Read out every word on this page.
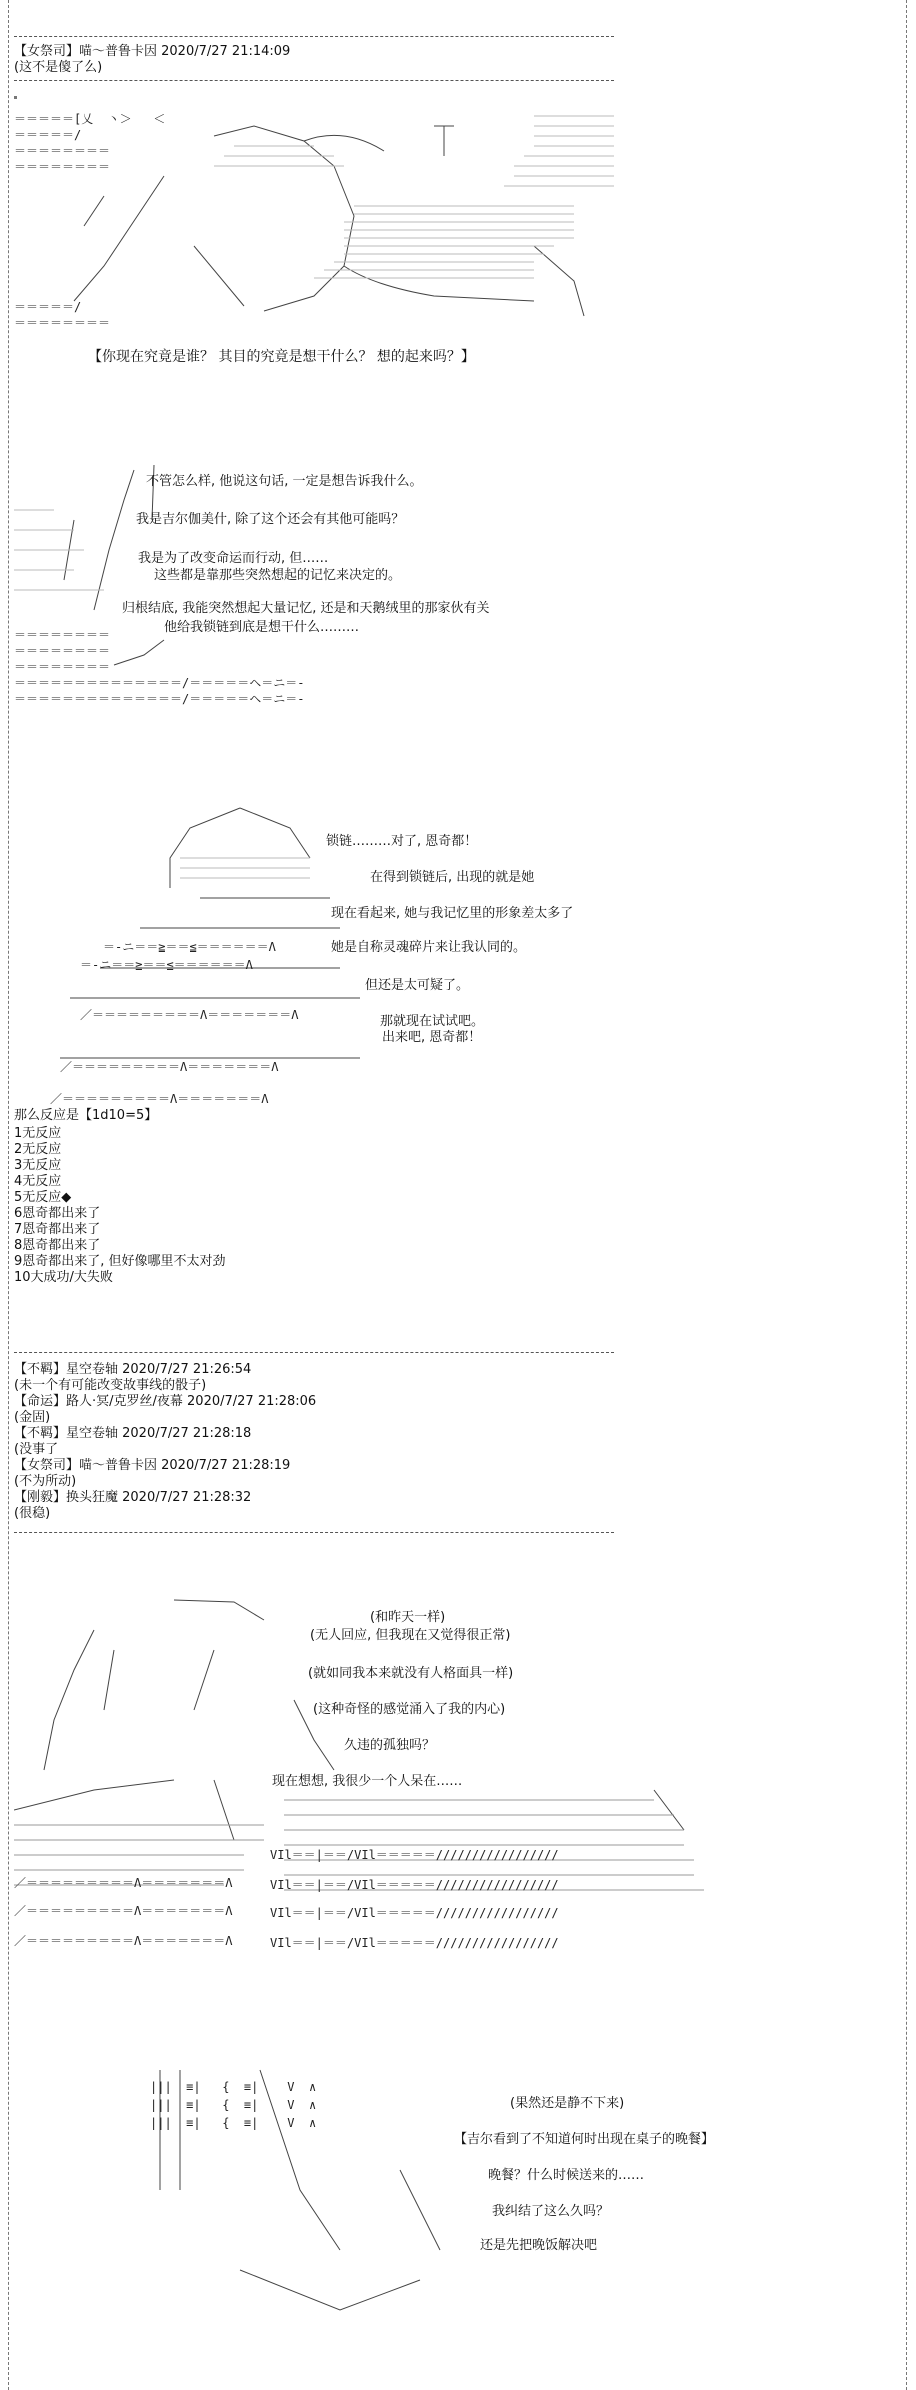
【女祭司】喵～普鲁卡因 2020/7/27 21:14:09
(这不是傻了么)
＝＝＝＝＝[乂  丶＞   ＜
＝＝＝＝＝/
＝＝＝＝＝＝＝＝
＝＝＝＝＝＝＝＝
＝＝＝＝＝/
＝＝＝＝＝＝＝＝
【你现在究竟是谁？ 其目的究竟是想干什么？ 想的起来吗？】
＝＝＝＝＝＝＝＝
＝＝＝＝＝＝＝＝
＝＝＝＝＝＝＝＝
＝＝＝＝＝＝＝＝＝＝＝＝＝＝/＝＝＝＝＝ヘ＝ニ＝-
＝＝＝＝＝＝＝＝＝＝＝＝＝＝/＝＝＝＝＝ヘ＝ニ＝-
不管怎么样, 他说这句话, 一定是想告诉我什么。
我是吉尔伽美什, 除了这个还会有其他可能吗？
我是为了改变命运而行动, 但……
这些都是靠那些突然想起的记忆来决定的。
归根结底, 我能突然想起大量记忆, 还是和天鹅绒里的那家伙有关
他给我锁链到底是想干什么………
＝-ニ＝＝≧＝＝≦＝＝＝＝＝＝Λ
＝-ニ＝＝≧＝＝≦＝＝＝＝＝＝Λ
／＝＝＝＝＝＝＝＝＝Λ＝＝＝＝＝＝＝Λ
／＝＝＝＝＝＝＝＝＝Λ＝＝＝＝＝＝＝Λ
／＝＝＝＝＝＝＝＝＝Λ＝＝＝＝＝＝＝Λ
锁链………对了, 恩奇都！
在得到锁链后, 出现的就是她
现在看起来, 她与我记忆里的形象差太多了
她是自称灵魂碎片来让我认同的。
但还是太可疑了。
那就现在试试吧。
出来吧, 恩奇都！
那么反应是【1d10=5】
1无反应
2无反应
3无反应
4无反应
5无反应◆
6恩奇都出来了
7恩奇都出来了
8恩奇都出来了
9恩奇都出来了, 但好像哪里不太对劲
10大成功/大失败
【不羁】星空卷轴 2020/7/27 21:26:54
(未一个有可能改变故事线的骰子)
【命运】路人·冥/克罗丝/夜幕 2020/7/27 21:28:06
(金固)
【不羁】星空卷轴 2020/7/27 21:28:18
(没事了
【女祭司】喵～普鲁卡因 2020/7/27 21:28:19
(不为所动)
【刚毅】换头狂魔 2020/7/27 21:28:32
(很稳)
VIl＝＝|＝＝/VIl＝＝＝＝＝/////////////////
VIl＝＝|＝＝/VIl＝＝＝＝＝/////////////////
VIl＝＝|＝＝/VIl＝＝＝＝＝/////////////////
VIl＝＝|＝＝/VIl＝＝＝＝＝/////////////////
／＝＝＝＝＝＝＝＝＝Λ＝＝＝＝＝＝＝Λ
／＝＝＝＝＝＝＝＝＝Λ＝＝＝＝＝＝＝Λ
／＝＝＝＝＝＝＝＝＝Λ＝＝＝＝＝＝＝Λ
(和昨天一样)
(无人回应, 但我现在又觉得很正常)
(就如同我本来就没有人格面具一样)
(这种奇怪的感觉涌入了我的内心)
久违的孤独吗？
现在想想, 我很少一个人呆在……
|||  ≡|   {  ≡|    V  ∧
|||  ≡|   {  ≡|    V  ∧
|||  ≡|   {  ≡|    V  ∧
(果然还是静不下来)
【吉尔看到了不知道何时出现在桌子的晚餐】
晚餐？什么时候送来的……
我纠结了这么久吗？
还是先把晚饭解决吧
